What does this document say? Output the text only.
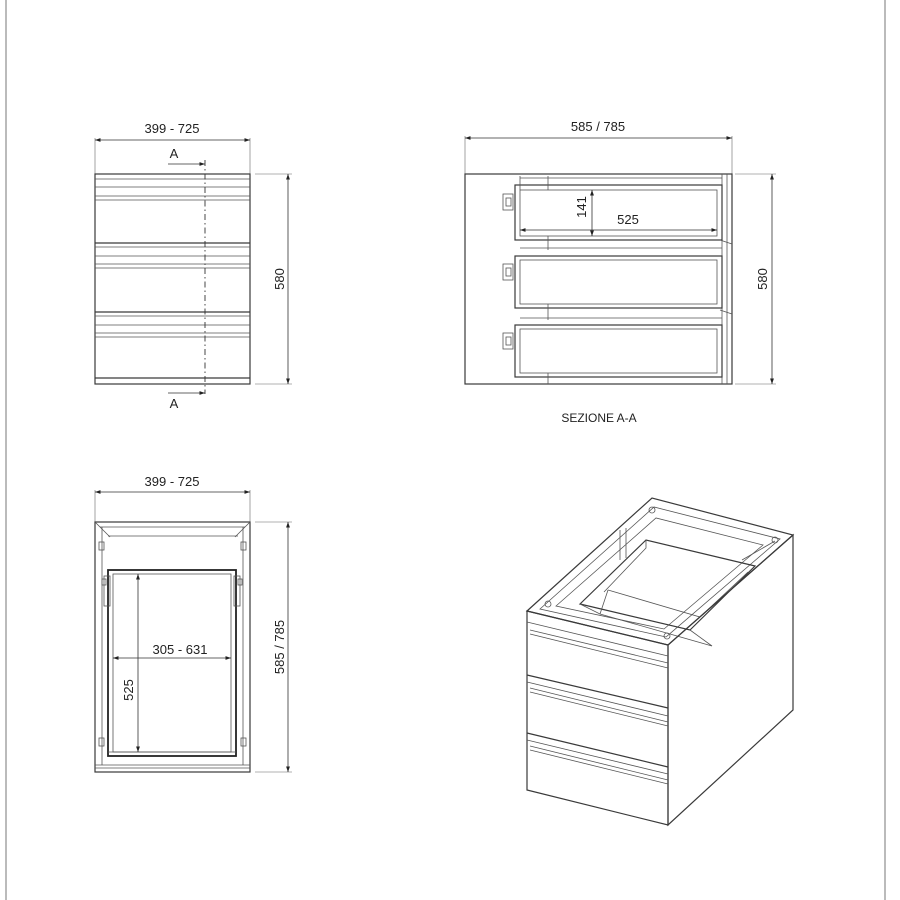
399 - 725
580
A
A
585 / 785
580
141
525
SEZIONE A-A
399 - 725
585 / 785
305 - 631
525
